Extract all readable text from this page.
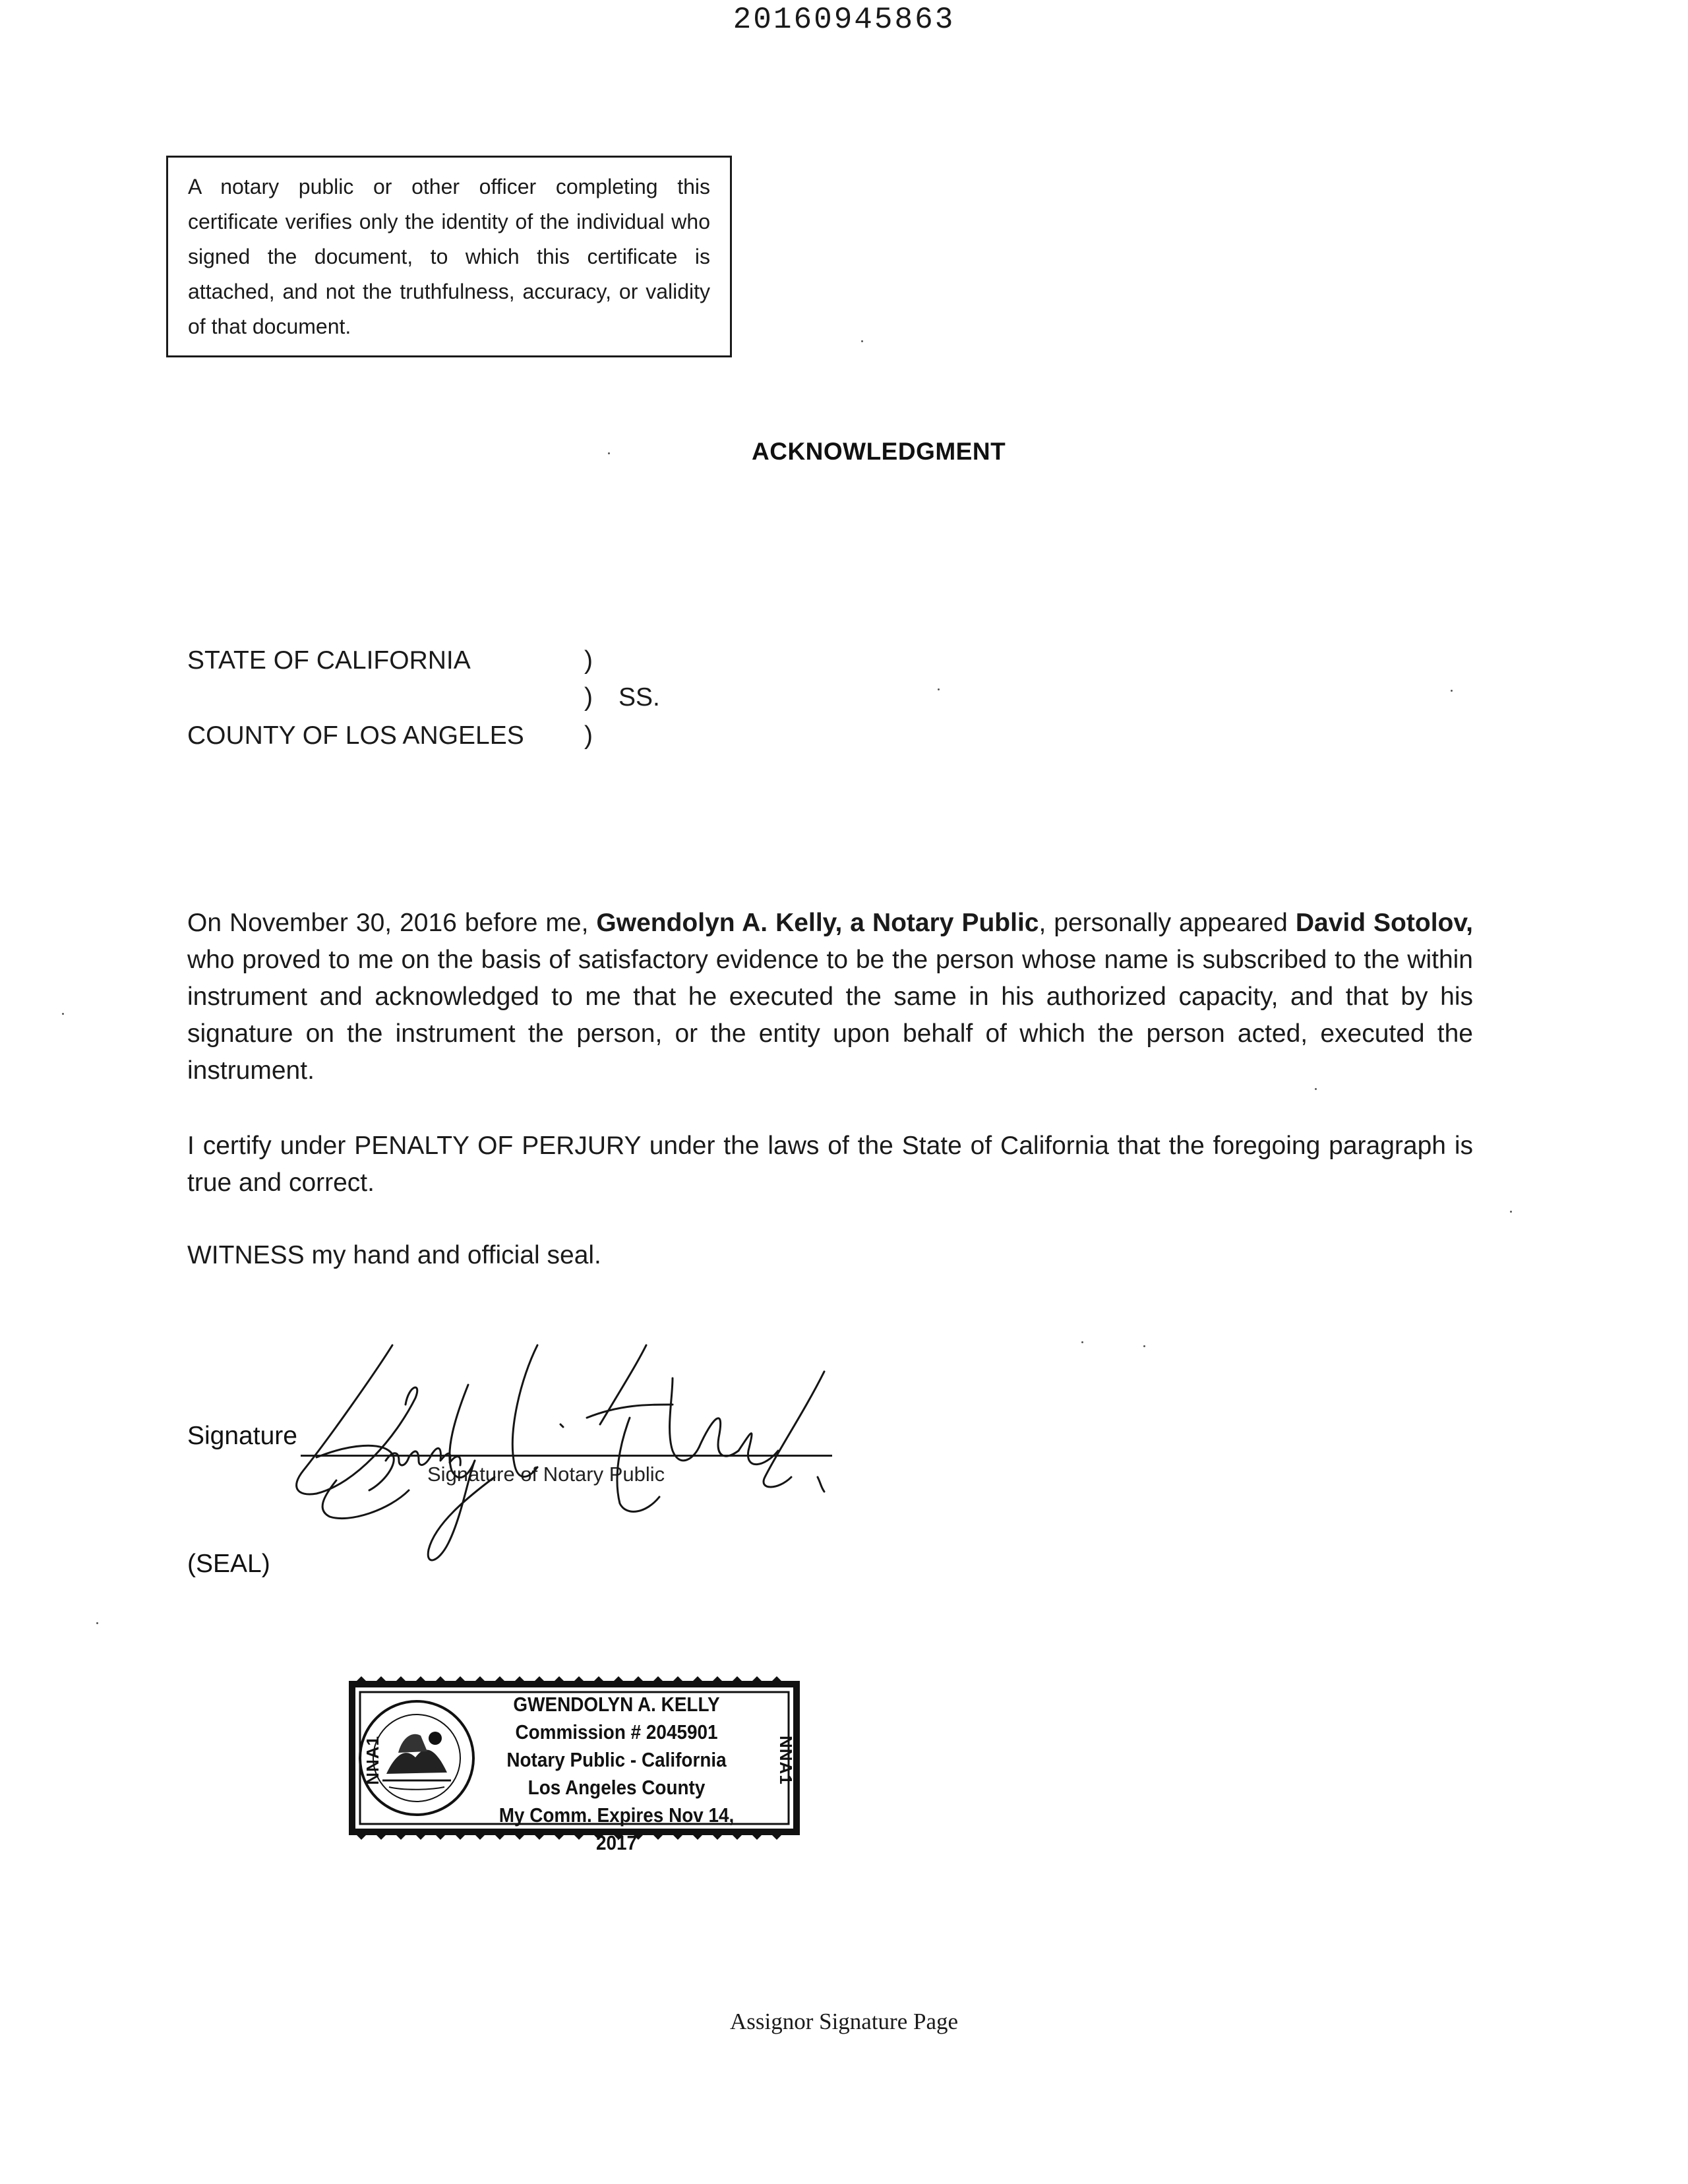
20160945863
A notary public or other officer completing this certificate verifies only the identity of the individual who signed the document, to which this certificate is attached, and not the truthfulness, accuracy, or validity of that document.
ACKNOWLEDGMENT
STATE OF CALIFORNIA	)
) SS.
COUNTY OF LOS ANGELES )
On November 30, 2016 before me, Gwendolyn A. Kelly, a Notary Public, personally appeared David Sotolov, who proved to me on the basis of satisfactory evidence to be the person whose name is subscribed to the within instrument and acknowledged to me that he executed the same in his authorized capacity, and that by his signature on the instrument the person, or the entity upon behalf of which the person acted, executed the instrument.
I certify under PENALTY OF PERJURY under the laws of the State of California that the foregoing paragraph is true and correct.
WITNESS my hand and official seal.
Signature
Signature of Notary Public
(SEAL)
NNA1	NNA1
GWENDOLYN A. KELLY
Commission # 2045901
Notary Public - California
Los Angeles County
My Comm. Expires Nov 14, 2017
Assignor Signature Page
